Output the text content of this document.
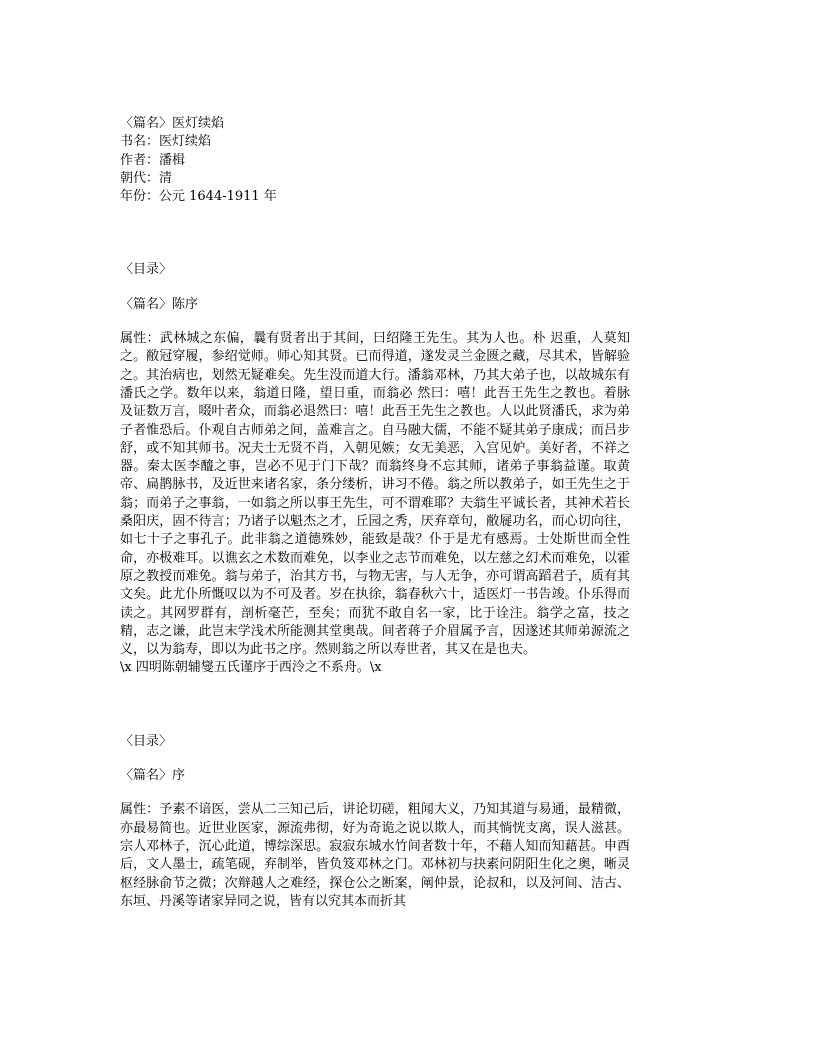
〈篇名〉医灯续焰
书名：医灯续焰
作者：潘楫
朝代：清
年份：公元 1644-1911 年
〈目录〉
〈篇名〉陈序

属性：武林城之东偏，曩有贤者出于其间，曰绍隆王先生。其为人也。朴 迟重，人莫知之。敝冠穿履，参绍觉师。师心知其贤。已而得道，遂发灵兰金匮之藏，尽其术，皆解验之。其治病也，划然无疑难矣。先生没而道大行。潘翁邓林，乃其大弟子也，以故城东有潘氏之学。数年以来，翁道日隆，望日重，而翁必 然曰：嘻！此吾王先生之教也。着脉及证数万言，啜叶者众，而翁必退然曰：嘻！此吾王先生之教也。人以此贤潘氏，求为弟子者惟恐后。仆观自古师弟之间，盖难言之。自马融大儒，不能不疑其弟子康成；而吕步舒，或不知其师书。况夫士无贤不肖，入朝见嫉；女无美恶，入宫见妒。美好者，不祥之器。秦太医李醯之事，岂必不见于门下哉？而翁终身不忘其师，诸弟子事翁益谨。取黄帝、扁鹊脉书，及近世来诸名家，条分缕析，讲习不倦。翁之所以教弟子，如王先生之于翁；而弟子之事翁，一如翁之所以事王先生，可不谓难耶？夫翁生平诚长者，其神术若长桑阳庆，固不待言；乃诸子以魁杰之才，丘园之秀，厌弃章句，敝屣功名，而心切向往，如七十子之事孔子。此非翁之道德殊妙，能致是哉？仆于是尤有感焉。士处斯世而全性命，亦极难耳。以谯玄之术数而难免，以李业之志节而难免，以左慈之幻术而难免，以霍原之教授而难免。翁与弟子，治其方书，与物无害，与人无争，亦可谓高蹈君子，质有其文矣。此尤仆所慨叹以为不可及者。岁在执徐，翁春秋六十，适医灯一书告竣。仆乐得而读之。其网罗群有，剖析毫芒，至矣；而犹不敢自名一家，比于诠注。翁学之富，技之精，志之谦，此岂末学浅术所能测其堂奥哉。间者蒋子介眉属予言，因遂述其师弟源流之义，以为翁寿，即以为此书之序。然则翁之所以寿世者，其又在是也夫。

\x 四明陈朝辅燮五氏谨序于西泠之不系舟。\x

〈目录〉
〈篇名〉序

属性：予素不谙医，尝从二三知己后，讲论切磋，粗闻大义，乃知其道与易通，最精微，亦最易简也。近世业医家，源流弗彻，好为奇诡之说以欺人，而其惝恍支离，误人滋甚。宗人邓林子，沉心此道，博综深思。寂寂东城水竹间者数十年，不藉人知而知藉甚。申酉后，文人墨士，疏笔砚，弃制举，皆负笈邓林之门。邓林初与抉素问阴阳生化之奥，晰灵枢经脉俞节之微；次辩越人之难经，探仓公之断案，阐仲景，论叔和，以及河间、洁古、东垣、丹溪等诸家异同之说，皆有以究其本而折其
